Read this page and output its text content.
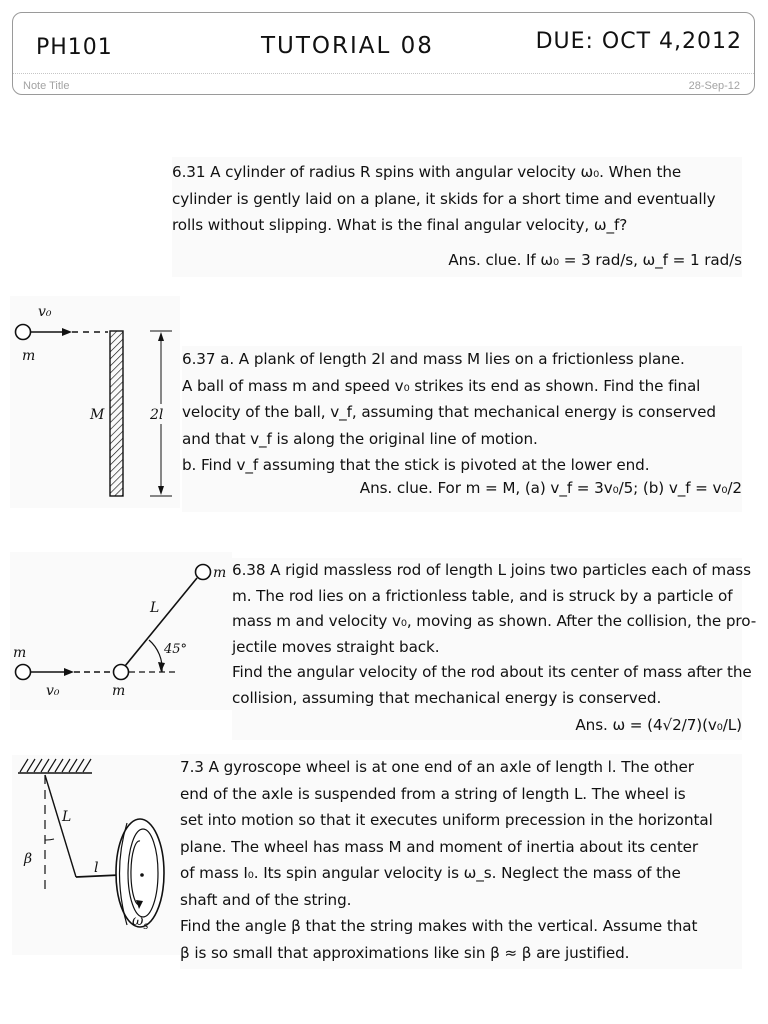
PH101	TUTORIAL 08	DUE: OCT 4,2012
Note Title	28-Sep-12
6.31 A cylinder of radius R spins with angular velocity ω₀. When the
cylinder is gently laid on a plane, it skids for a short time and eventually
rolls without slipping. What is the final angular velocity, ω_f?
Ans. clue. If ω₀ = 3 rad/s, ω_f = 1 rad/s
v₀
m
M	2l
6.37 a. A plank of length 2l and mass M lies on a frictionless plane.
A ball of mass m and speed v₀ strikes its end as shown. Find the final
velocity of the ball, v_f, assuming that mechanical energy is conserved
and that v_f is along the original line of motion.
b. Find v_f assuming that the stick is pivoted at the lower end.
Ans. clue. For m = M, (a) v_f = 3v₀/5; (b) v_f = v₀/2
m
L
45°
m
v₀	m
6.38 A rigid massless rod of length L joins two particles each of mass
m. The rod lies on a frictionless table, and is struck by a particle of
mass m and velocity v₀, moving as shown. After the collision, the pro-
jectile moves straight back.
Find the angular velocity of the rod about its center of mass after the
collision, assuming that mechanical energy is conserved.
Ans. ω = (4√2/7)(v₀/L)
L
β
l
$\omega_s$
7.3 A gyroscope wheel is at one end of an axle of length l. The other
end of the axle is suspended from a string of length L. The wheel is
set into motion so that it executes uniform precession in the horizontal
plane. The wheel has mass M and moment of inertia about its center
of mass I₀. Its spin angular velocity is ω_s. Neglect the mass of the
shaft and of the string.
Find the angle β that the string makes with the vertical. Assume that
β is so small that approximations like sin β ≈ β are justified.
